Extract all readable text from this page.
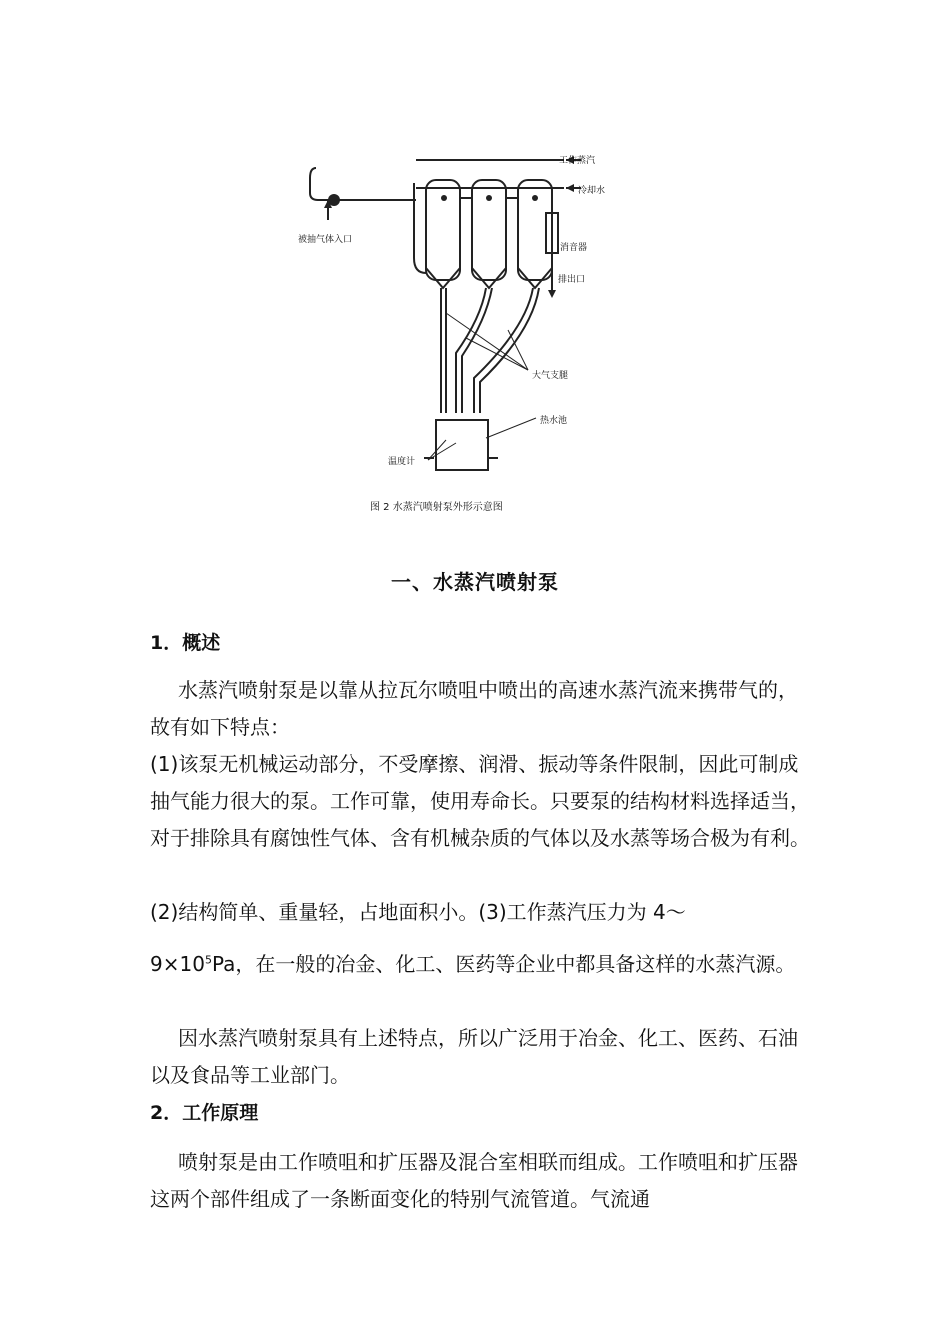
工作蒸汽
冷却水
被抽气体入口
消音器
排出口
大气支腿
热水池
温度计
图 2 水蒸汽喷射泵外形示意图
一、水蒸汽喷射泵
1．概述

水蒸汽喷射泵是以靠从拉瓦尔喷咀中喷出的高速水蒸汽流来携带气的，故有如下特点：

(1)该泵无机械运动部分，不受摩擦、润滑、振动等条件限制，因此可制成抽气能力很大的泵。工作可靠，使用寿命长。只要泵的结构材料选择适当，对于排除具有腐蚀性气体、含有机械杂质的气体以及水蒸等场合极为有利。

(2)结构简单、重量轻，占地面积小。(3)工作蒸汽压力为 4～

$9\times 10^5Pa$，在一般的冶金、化工、医药等企业中都具备这样的水蒸汽源。

因水蒸汽喷射泵具有上述特点，所以广泛用于冶金、化工、医药、石油以及食品等工业部门。

2．工作原理

喷射泵是由工作喷咀和扩压器及混合室相联而组成。工作喷咀和扩压器这两个部件组成了一条断面变化的特别气流管道。气流通
